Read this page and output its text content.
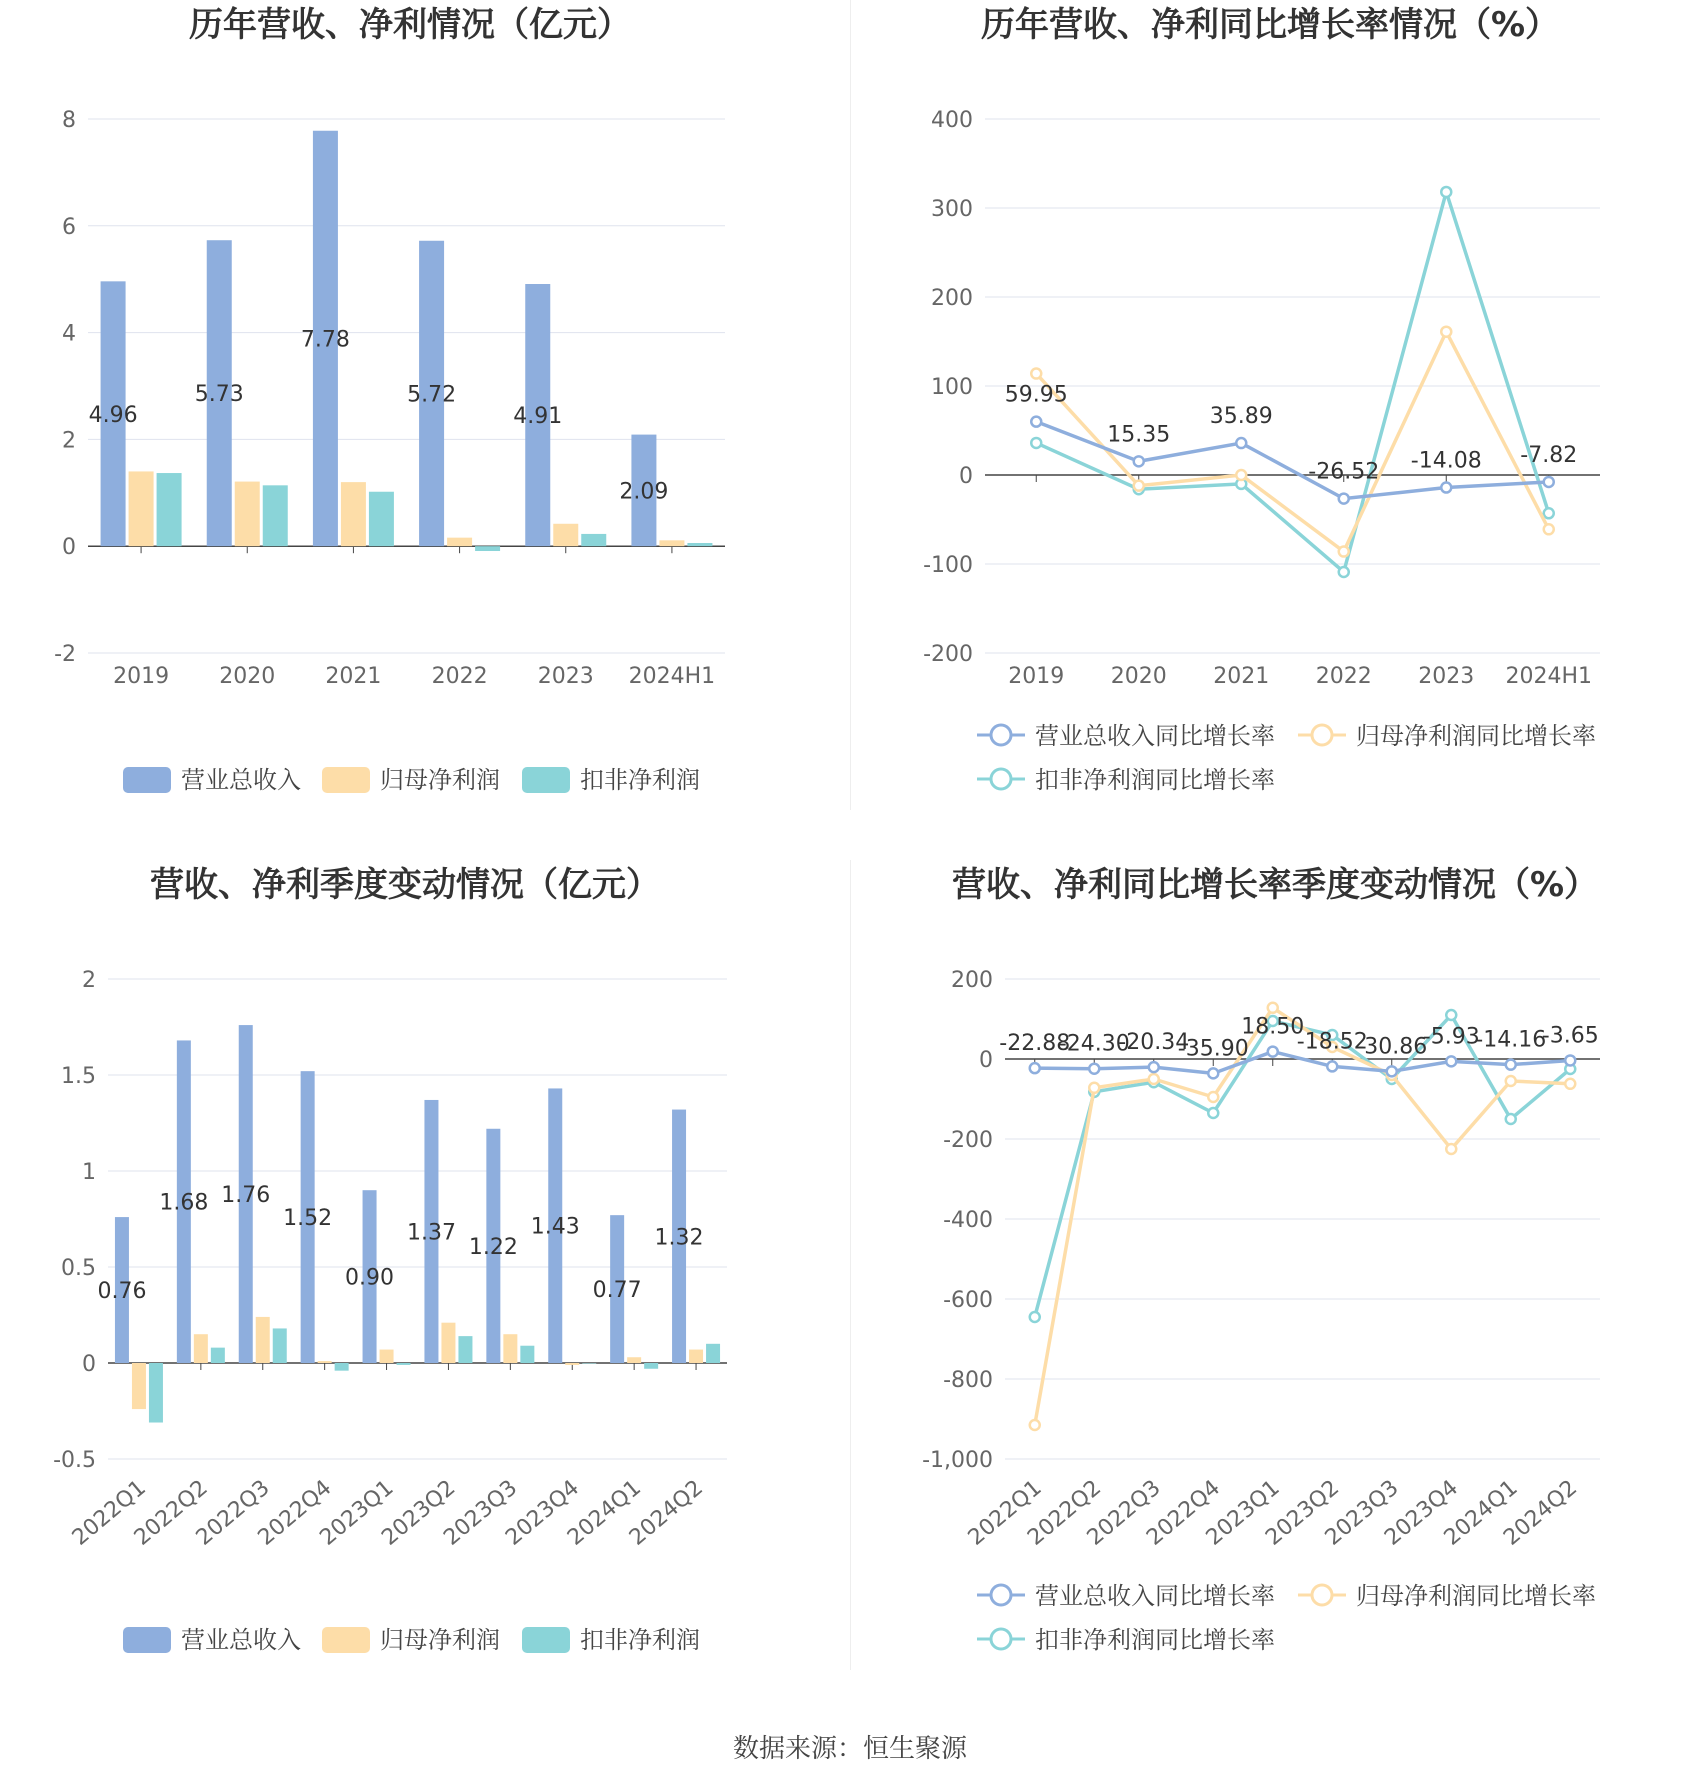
历年营收、净利情况（亿元）
-2
0
2
4
6
8
2019 2020 2021 2022 2023 2024H1
4.96
5.73
7.78
5.72
4.91
2.09
营业总收入	归母净利润	扣非净利润
历年营收、净利同比增长率情况（%）
-200
-100
0
100
200
300
400
2019 2020 2021 2022 2023 2024H1
59.95
15.35
35.89
-26.52 -14.08 -7.82
营业总收入同比增长率	归母净利润同比增长率
扣非净利润同比增长率
营收、净利季度变动情况（亿元）
-0.5
0
0.5
1
1.5
2
2022Q1
2022Q2
2022Q3
2022Q4
2023Q1
2023Q2
2023Q3
2023Q4
2024Q1
2024Q2
0.76
1.68 1.76
1.52
0.90
1.37
1.22
1.43
0.77
1.32
营业总收入	归母净利润	扣非净利润
营收、净利同比增长率季度变动情况（%）
-1,000
-800
-600
-400
-200
0
200
2022Q1
2022Q2
2022Q3
2022Q4
2023Q1
2023Q2
2023Q3
2023Q4
2024Q1
2024Q2
-22.88
-24.30
-20.34
-35.90
18.50
-18.52
-30.86
-5.93
-14.16
-3.65
营业总收入同比增长率	归母净利润同比增长率
扣非净利润同比增长率
数据来源：恒生聚源
